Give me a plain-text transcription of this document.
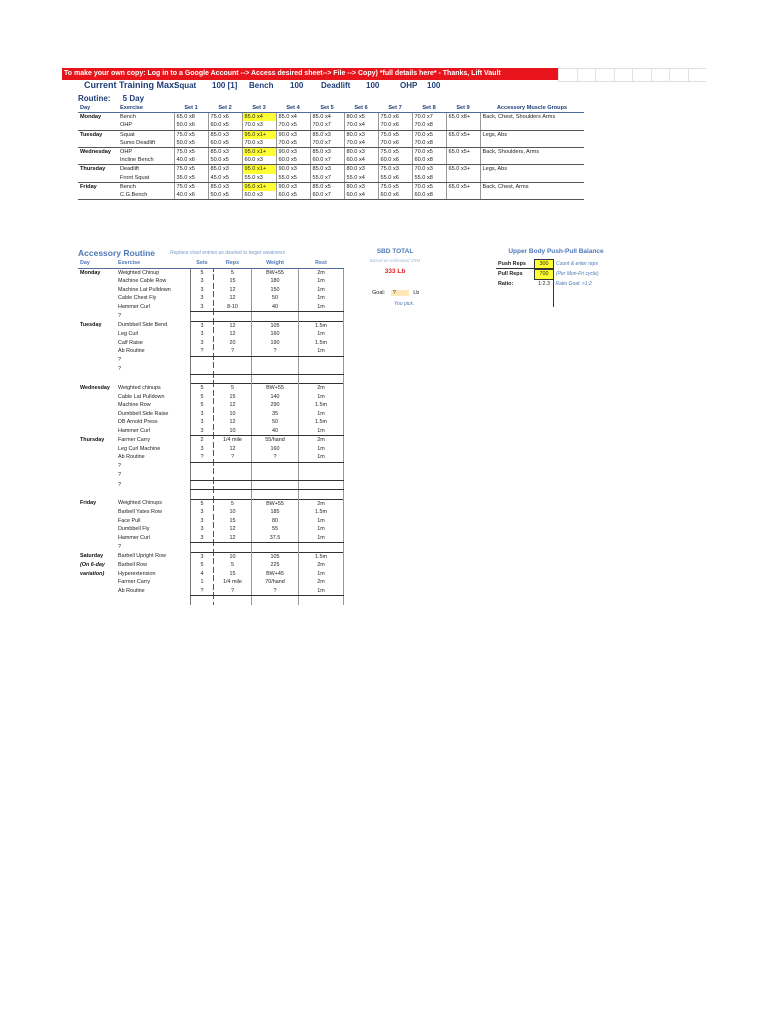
To make your own copy: Log in to a Google Account --> Access desired sheet--> File --> Copy) *full details here* - Thanks, Lift Vault
Current Training Max:
Squat 100 [1] Bench 100 Deadlift 100	OHP 100
Routine: 5 Day
Day	Exercise	Set 1	Set 2	Set 3	Set 4	Set 5	Set 6	Set 7	Set 8	Set 9	Accessory Muscle Groups
Monday	Bench	65.0 x8	75.0 x6	85.0 x4	85.0 x4	85.0 x4	80.0 x5	75.0 x6	70.0 x7	65.0 x8+	Back, Chest, Shoulders Arms
	OHP	50.0 x6	60.0 x5	70.0 x3	70.0 x5	70.0 x7	70.0 x4	70.0 x6	70.0 x8		
Tuesday	Squat	75.0 x5	85.0 x3	95.0 x1+	90.0 x3	85.0 x3	80.0 x3	75.0 x5	70.0 x5	65.0 x5+	Legs, Abs
	Sumo Deadlift	50.0 x5	60.0 x5	70.0 x3	70.0 x5	70.0 x7	70.0 x4	70.0 x6	70.0 x8		
Wednesday	OHP	75.0 x5	85.0 x3	95.0 x1+	90.0 x3	85.0 x3	80.0 x3	75.0 x5	70.0 x5	65.0 x5+	Back, Shoulders, Arms
	Incline Bench	40.0 x6	50.0 x5	60.0 x3	60.0 x5	60.0 x7	60.0 x4	60.0 x6	60.0 x8		
Thursday	Deadlift	75.0 x5	85.0 x3	95.0 x1+	90.0 x3	85.0 x3	80.0 x3	75.0 x3	70.0 x3	65.0 x3+	Legs, Abs
	Front Squat	35.0 x5	45.0 x5	55.0 x3	55.0 x5	55.0 x7	55.0 x4	55.0 x6	55.0 x8		
Friday	Bench	75.0 x5	85.0 x3	95.0 x1+	90.0 x3	85.0 x5	80.0 x3	75.0 x5	70.0 x5	65.0 x5+	Back, Chest, Arms
	C.G.Bench	40.0 x6	50.0 x5	60.0 x3	60.0 x5	60.0 x7	60.0 x4	60.0 x6	60.0 x8		
Accessory Routine	Replace chart entries as desired to target weakness
Day	Exercise	Sets	Reps	Weight	Rest
Monday	Weighted Chinup	5	5	BW+55	2m
	Machine Cable Row	3	15	180	1m
	Machine Lat Pulldown	3	12	150	1m
	Cable Chest Fly	3	12	50	1m
	Hammer Curl	3	8-10	40	1m
	?				
Tuesday	Dumbbell Side Bend	3	12	105	1.5m
	Leg Curl	3	12	160	1m
	Calf Raise	3	20	190	1.5m
	Ab Routine	?	?	?	1m
	?				
	?				

Wednesday	Weighted chinups	5	5	BW+55	2m
	Cable Lat Pulldown	5	15	140	1m
	Machine Row	5	12	290	1.5m
	Dumbbell Side Raise	3	10	35	1m
	DB Arnold Press	3	12	50	1.5m
	Hammer Curl	3	10	40	1m
Thursday	Farmer Carry	2	1/4 mile	55/hand	2m
	Leg Curl Machine	3	12	160	1m
	Ab Routine	?	?	?	1m
	?				
	?				
	?				

Friday	Weighted Chinups	5	5	BW+55	2m
	Barbell Yates Row	3	10	185	1.5m
	Face Pull	3	15	80	1m
	Dumbbell Fly	3	12	55	1m
	Hammer Curl	3	12	37.5	1m
	?				
Saturday	Barbell Upright Row	3	10	105	1.5m
(On 6-day	Barbell Row	5	5	225	2m
variation)	Hyperextension	4	15	BW+45	1m
	Farmer Carry	1	1/4 mile	70/hand	2m
	Ab Routine	?	?	?	1m

SBD TOTAL
Based on estimated 1RM
333 Lb
Goal: ?	Lb
You pick.
Upper Body Push-Pull Balance
Push Reps	300	Count & enter reps
Pull Reps	700	(Per Mon-Fri cycle)
Ratio:	1:2.3	Ratio Goal: >1:2
